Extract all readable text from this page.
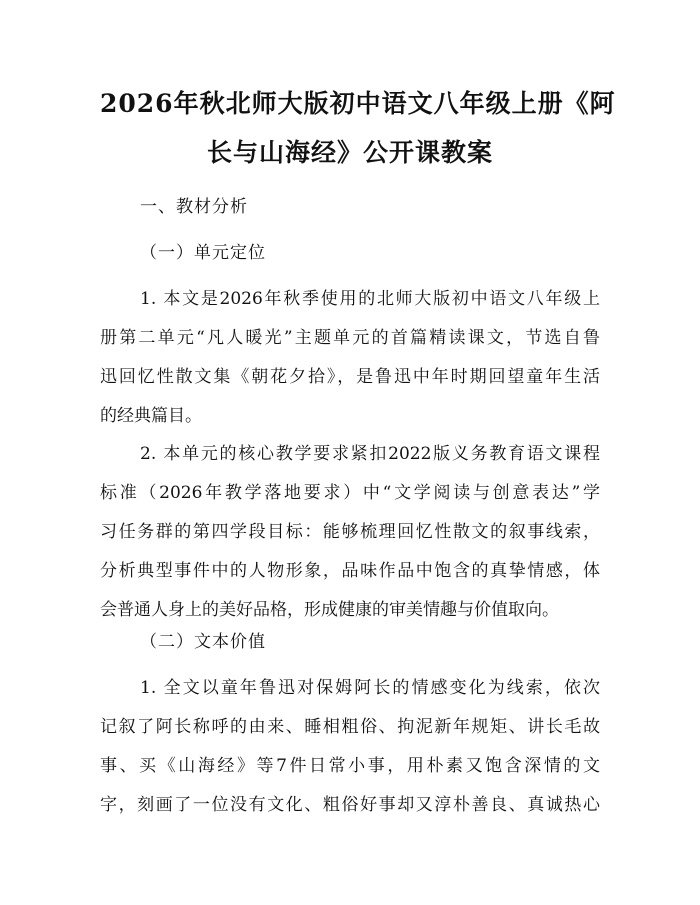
2026年秋北师大版初中语文八年级上册《阿
长与山海经》公开课教案
一、教材分析
（一）单元定位
1. 本文是2026年秋季使用的北师大版初中语文八年级上
册第二单元“凡人暖光”主题单元的首篇精读课文，节选自鲁
迅回忆性散文集《朝花夕拾》，是鲁迅中年时期回望童年生活
的经典篇目。
2. 本单元的核心教学要求紧扣2022版义务教育语文课程
标准（2026年教学落地要求）中“文学阅读与创意表达”学
习任务群的第四学段目标：能够梳理回忆性散文的叙事线索，
分析典型事件中的人物形象，品味作品中饱含的真挚情感，体
会普通人身上的美好品格，形成健康的审美情趣与价值取向。
（二）文本价值
1. 全文以童年鲁迅对保姆阿长的情感变化为线索，依次
记叙了阿长称呼的由来、睡相粗俗、拘泥新年规矩、讲长毛故
事、买《山海经》等7件日常小事，用朴素又饱含深情的文
字，刻画了一位没有文化、粗俗好事却又淳朴善良、真诚热心
